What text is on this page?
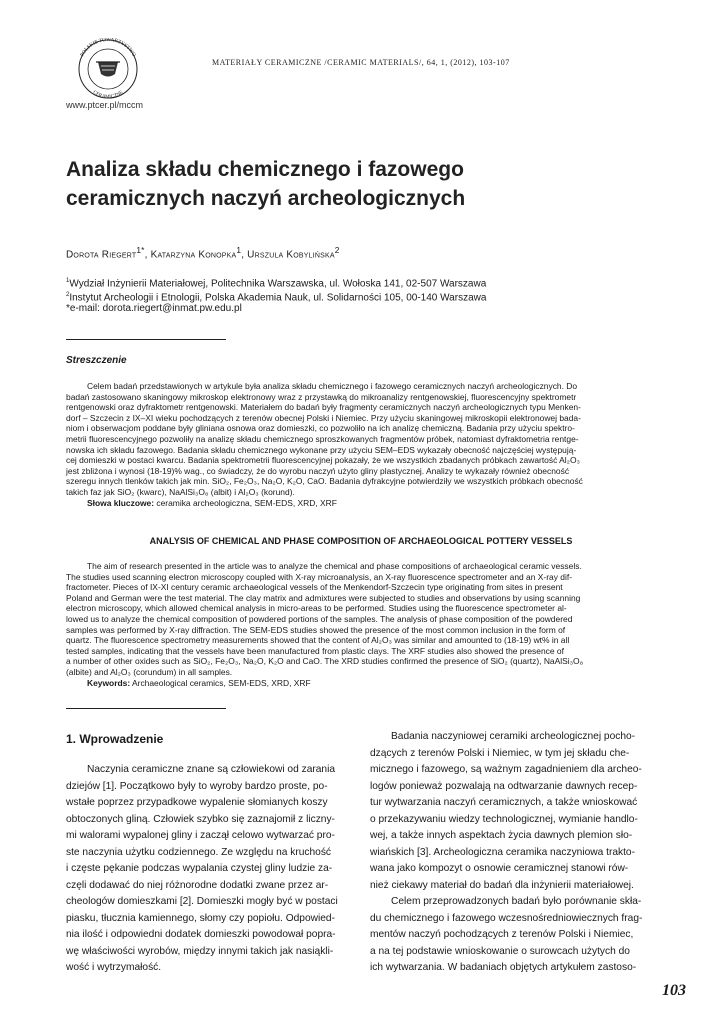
POLSKIE TOWARZYSTWO
CERAMICZNE
MATERIAŁY CERAMICZNE /CERAMIC MATERIALS/, 64, 1, (2012), 103-107
www.ptcer.pl/mccm
Analiza składu chemicznego i fazowego
ceramicznych naczyń archeologicznych
Dorota Riegert$^{1*}$, Katarzyna Konopka$^1$, Urszula Kobylińska$^2$
$^1$Wydział Inżynierii Materiałowej, Politechnika Warszawska, ul. Wołoska 141, 02-507 Warszawa
$^2$Instytut Archeologii i Etnologii, Polska Akademia Nauk, ul. Solidarności 105, 00-140 Warszawa
*e-mail: dorota.riegert@inmat.pw.edu.pl
Streszczenie
Celem badań przedstawionych w artykule była analiza składu chemicznego i fazowego ceramicznych naczyń archeologicznych. Do
badań zastosowano skaningowy mikroskop elektronowy wraz z przystawką do mikroanalizy rentgenowskiej, fluorescencyjny spektrometr
rentgenowski oraz dyfraktometr rentgenowski. Materiałem do badań były fragmenty ceramicznych naczyń archeologicznych typu Menken-
dorf – Szczecin z IX–XI wieku pochodzących z terenów obecnej Polski i Niemiec. Przy użyciu skaningowej mikroskopii elektronowej bada-
niom i obserwacjom poddane były gliniana osnowa oraz domieszki, co pozwoliło na ich analizę chemiczną. Badania przy użyciu spektro-
metrii fluorescencyjnego pozwoliły na analizę składu chemicznego sproszkowanych fragmentów próbek, natomiast dyfraktometria rentge-
nowska ich składu fazowego. Badania składu chemicznego wykonane przy użyciu SEM–EDS wykazały obecność najczęściej występują-
cej domieszki w postaci kwarcu. Badania spektrometrii fluorescencyjnej pokazały, że we wszystkich zbadanych próbkach zawartość Al₂O₃
jest zbliżona i wynosi (18-19)% wag., co świadczy, że do wyrobu naczyń użyto gliny plastycznej. Analizy te wykazały również obecność
szeregu innych tlenków takich jak min. SiO₂, Fe₂O₃, Na₂O, K₂O, CaO. Badania dyfrakcyjne potwierdziły we wszystkich próbkach obecność
takich faz jak SiO₂ (kwarc), NaAlSi₃O₈ (albit) i Al₂O₃ (korund).
Słowa kluczowe: ceramika archeologiczna, SEM-EDS, XRD, XRF
ANALYSIS OF CHEMICAL AND PHASE COMPOSITION OF ARCHAEOLOGICAL POTTERY VESSELS
The aim of research presented in the article was to analyze the chemical and phase compositions of archaeological ceramic vessels.
The studies used scanning electron microscopy coupled with X-ray microanalysis, an X-ray fluorescence spectrometer and an X-ray dif-
fractometer. Pieces of IX-XI century ceramic archaeological vessels of the Menkendorf-Szczecin type originating from sites in present
Poland and German were the test material. The clay matrix and admixtures were subjected to studies and observations by using scanning
electron microscopy, which allowed chemical analysis in micro-areas to be performed. Studies using the fluorescence spectrometer al-
lowed us to analyze the chemical composition of powdered portions of the samples. The analysis of phase composition of the powdered
samples was performed by X-ray diffraction. The SEM-EDS studies showed the presence of the most common inclusion in the form of
quartz. The fluorescence spectrometry measurements showed that the content of Al₂O₃ was similar and amounted to (18-19) wt% in all
tested samples, indicating that the vessels have been manufactured from plastic clays. The XRF studies also showed the presence of
a number of other oxides such as SiO₂, Fe₂O₃, Na₂O, K₂O and CaO. The XRD studies confirmed the presence of SiO₂ (quartz), NaAlSi₃O₈
(albite) and Al₂O₃ (corundum) in all samples.
Keywords: Archaeological ceramics, SEM-EDS, XRD, XRF
1. Wprowadzenie
Naczynia ceramiczne znane są człowiekowi od zarania
dziejów [1]. Początkowo były to wyroby bardzo proste, po-
wstałe poprzez przypadkowe wypalenie słomianych koszy
obtoczonych gliną. Człowiek szybko się zaznajomił z liczny-
mi walorami wypalonej gliny i zaczął celowo wytwarzać pro-
ste naczynia użytku codziennego. Ze względu na kruchość
i częste pękanie podczas wypalania czystej gliny ludzie za-
częli dodawać do niej różnorodne dodatki zwane przez ar-
cheologów domieszkami [2]. Domieszki mogły być w postaci
piasku, tłucznia kamiennego, słomy czy popiołu. Odpowied-
nia ilość i odpowiedni dodatek domieszki powodował popra-
wę właściwości wyrobów, między innymi takich jak nasiąkli-
wość i wytrzymałość.
Badania naczyniowej ceramiki archeologicznej pocho-
dzących z terenów Polski i Niemiec, w tym jej składu che-
micznego i fazowego, są ważnym zagadnieniem dla archeo-
logów ponieważ pozwalają na odtwarzanie dawnych recep-
tur wytwarzania naczyń ceramicznych, a także wnioskować
o przekazywaniu wiedzy technologicznej, wymianie handlo-
wej, a także innych aspektach życia dawnych plemion sło-
wiańskich [3]. Archeologiczna ceramika naczyniowa trakto-
wana jako kompozyt o osnowie ceramicznej stanowi rów-
nież ciekawy materiał do badań dla inżynierii materiałowej.
Celem przeprowadzonych badań było porównanie skła-
du chemicznego i fazowego wczesnośredniowiecznych frag-
mentów naczyń pochodzących z terenów Polski i Niemiec,
a na tej podstawie wnioskowanie o surowcach użytych do
ich wytwarzania. W badaniach objętych artykułem zastoso-
103
